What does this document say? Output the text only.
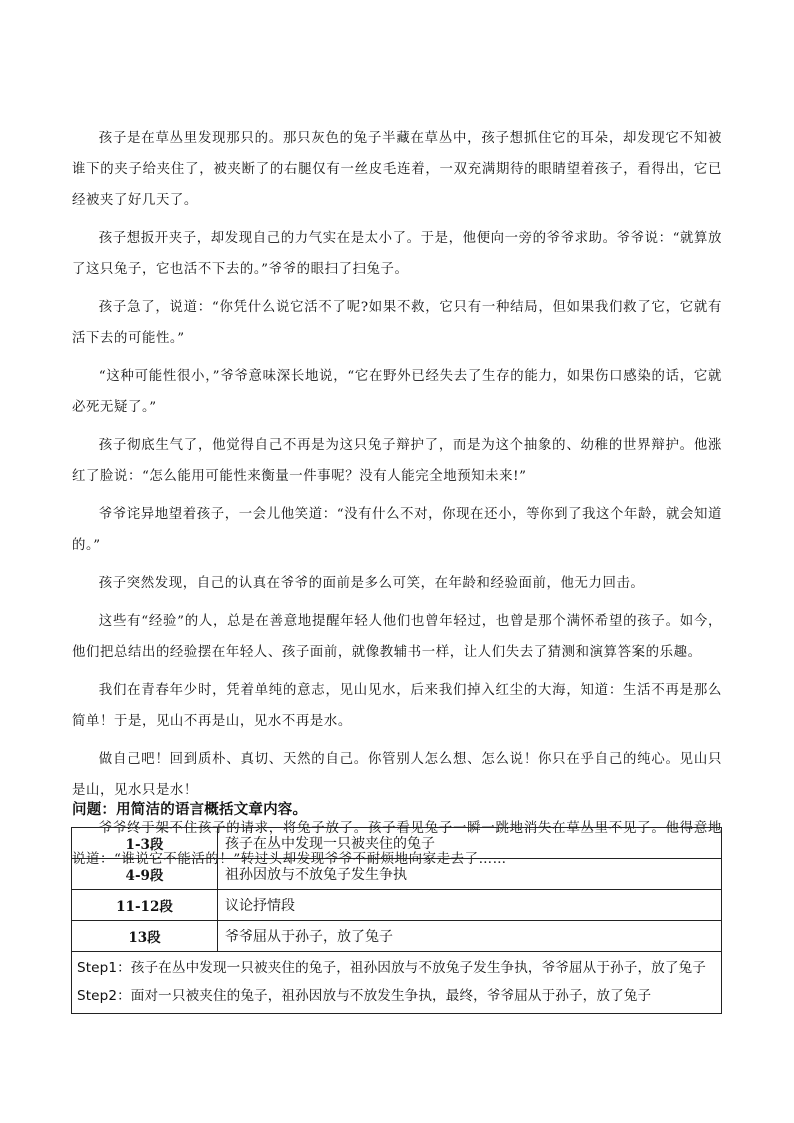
孩子是在草丛里发现那只的。那只灰色的兔子半藏在草丛中，孩子想抓住它的耳朵，却发现它不知被谁下的夹子给夹住了，被夹断了的右腿仅有一丝皮毛连着，一双充满期待的眼睛望着孩子，看得出，它已经被夹了好几天了。

孩子想扳开夹子，却发现自己的力气实在是太小了。于是，他便向一旁的爷爷求助。爷爷说：“就算放了这只兔子，它也活不下去的。”爷爷的眼扫了扫兔子。

孩子急了，说道：“你凭什么说它活不了呢?如果不救，它只有一种结局，但如果我们救了它，它就有活下去的可能性。”

“这种可能性很小，”爷爷意味深长地说，“它在野外已经失去了生存的能力，如果伤口感染的话，它就必死无疑了。”

孩子彻底生气了，他觉得自己不再是为这只兔子辩护了，而是为这个抽象的、幼稚的世界辩护。他涨红了脸说：“怎么能用可能性来衡量一件事呢？没有人能完全地预知未来!”

爷爷诧异地望着孩子，一会儿他笑道：“没有什么不对，你现在还小，等你到了我这个年龄，就会知道的。”

孩子突然发现，自己的认真在爷爷的面前是多么可笑，在年龄和经验面前，他无力回击。

这些有“经验”的人，总是在善意地提醒年轻人他们也曾年轻过，也曾是那个满怀希望的孩子。如今，他们把总结出的经验摆在年轻人、孩子面前，就像教辅书一样，让人们失去了猜测和演算答案的乐趣。

我们在青春年少时，凭着单纯的意志，见山见水，后来我们掉入红尘的大海，知道：生活不再是那么简单！于是，见山不再是山，见水不再是水。

做自己吧！回到质朴、真切、天然的自己。你管别人怎么想、怎么说！你只在乎自己的纯心。见山只是山，见水只是水！

爷爷终于架不住孩子的请求，将兔子放了。孩子看见兔子一瞬一跳地消失在草丛里不见了。他得意地说道：“谁说它不能活的！”转过头却发现爷爷不耐烦地向家走去了……

问题：用简洁的语言概括文章内容。
1-3段	孩子在丛中发现一只被夹住的兔子
4-9段	祖孙因放与不放兔子发生争执
11-12段	议论抒情段
13段	爷爷屈从于孙子，放了兔子

Step1：孩子在丛中发现一只被夹住的兔子，祖孙因放与不放兔子发生争执，爷爷屈从于孙子，放了兔子
Step2：面对一只被夹住的兔子，祖孙因放与不放发生争执，最终，爷爷屈从于孙子，放了兔子	
